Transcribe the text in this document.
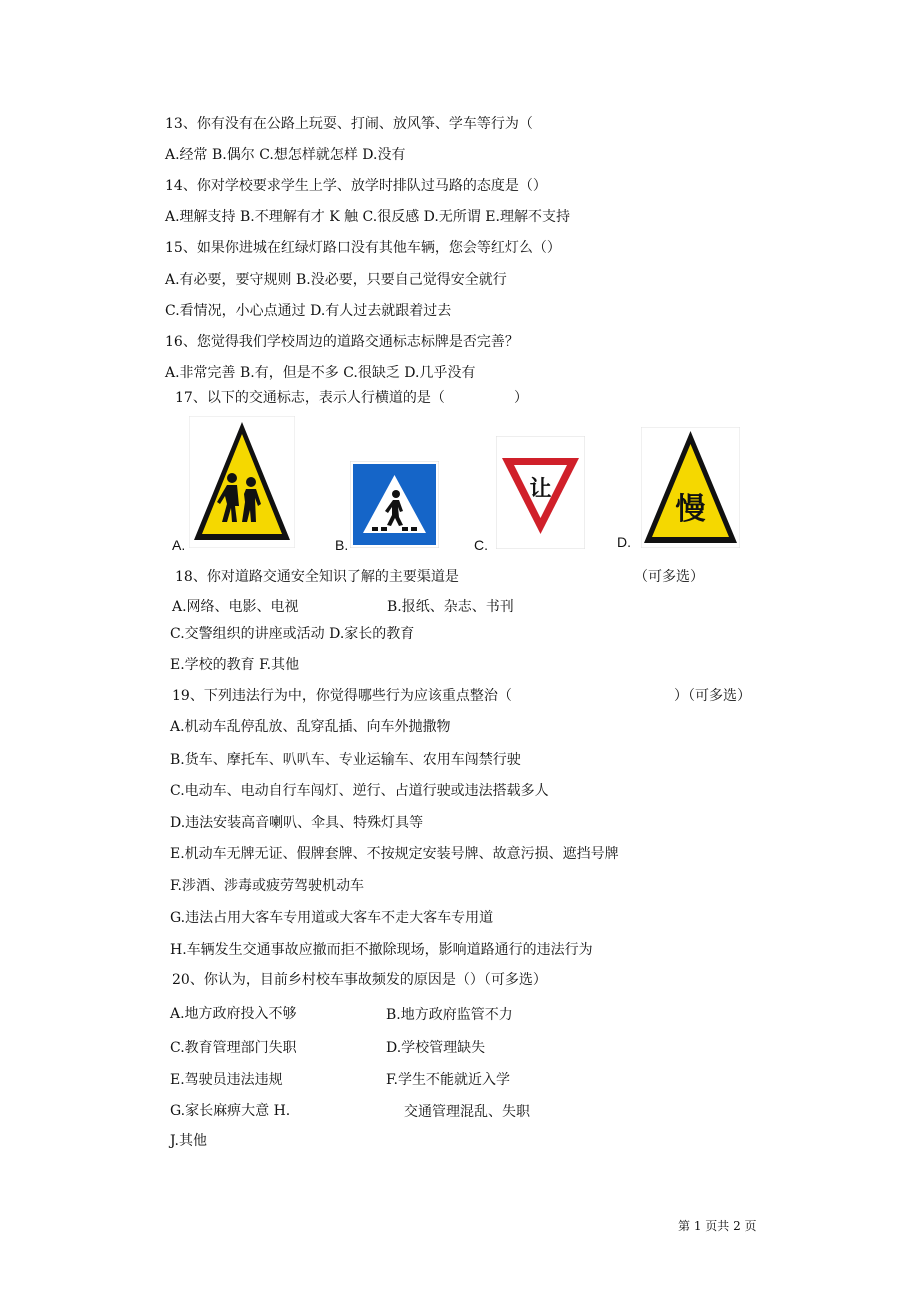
13、你有没有在公路上玩耍、打闹、放风筝、学车等行为（
A.经常 B.偶尔 C.想怎样就怎样 D.没有
14、你对学校要求学生上学、放学时排队过马路的态度是（）
A.理解支持 B.不理解有才 K 触 C.很反感 D.无所谓 E.理解不支持
15、如果你进城在红绿灯路口没有其他车辆，您会等红灯么（）
A.有必要，要守规则 B.没必要，只要自己觉得安全就行
C.看情况，小心点通过 D.有人过去就跟着过去
16、您觉得我们学校周边的道路交通标志标牌是否完善？
A.非常完善 B.有，但是不多 C.很缺乏 D.几乎没有
17、以下的交通标志，表示人行横道的是（	）
A.	B.
让
C.
慢
D.
18、你对道路交通安全知识了解的主要渠道是	（可多选）
A.网络、电影、电视	B.报纸、杂志、书刊
C.交警组织的讲座或活动 D.家长的教育
E.学校的教育 F.其他
19、下列违法行为中，你觉得哪些行为应该重点整治（	）（可多选）
A.机动车乱停乱放、乱穿乱插、向车外抛撒物
B.货车、摩托车、叭叭车、专业运输车、农用车闯禁行驶
C.电动车、电动自行车闯灯、逆行、占道行驶或违法搭载多人
D.违法安装高音喇叭、伞具、特殊灯具等
E.机动车无牌无证、假牌套牌、不按规定安装号牌、故意污损、遮挡号牌
F.涉酒、涉毒或疲劳驾驶机动车
G.违法占用大客车专用道或大客车不走大客车专用道
H.车辆发生交通事故应撤而拒不撤除现场，影响道路通行的违法行为
20、你认为，目前乡村校车事故频发的原因是（）（可多选）
A.地方政府投入不够	B.地方政府监管不力
C.教育管理部门失职	D.学校管理缺失
E.驾驶员违法违规	F.学生不能就近入学
G.家长麻痹大意 H.	交通管理混乱、失职
J.其他
第 1 页共 2 页
